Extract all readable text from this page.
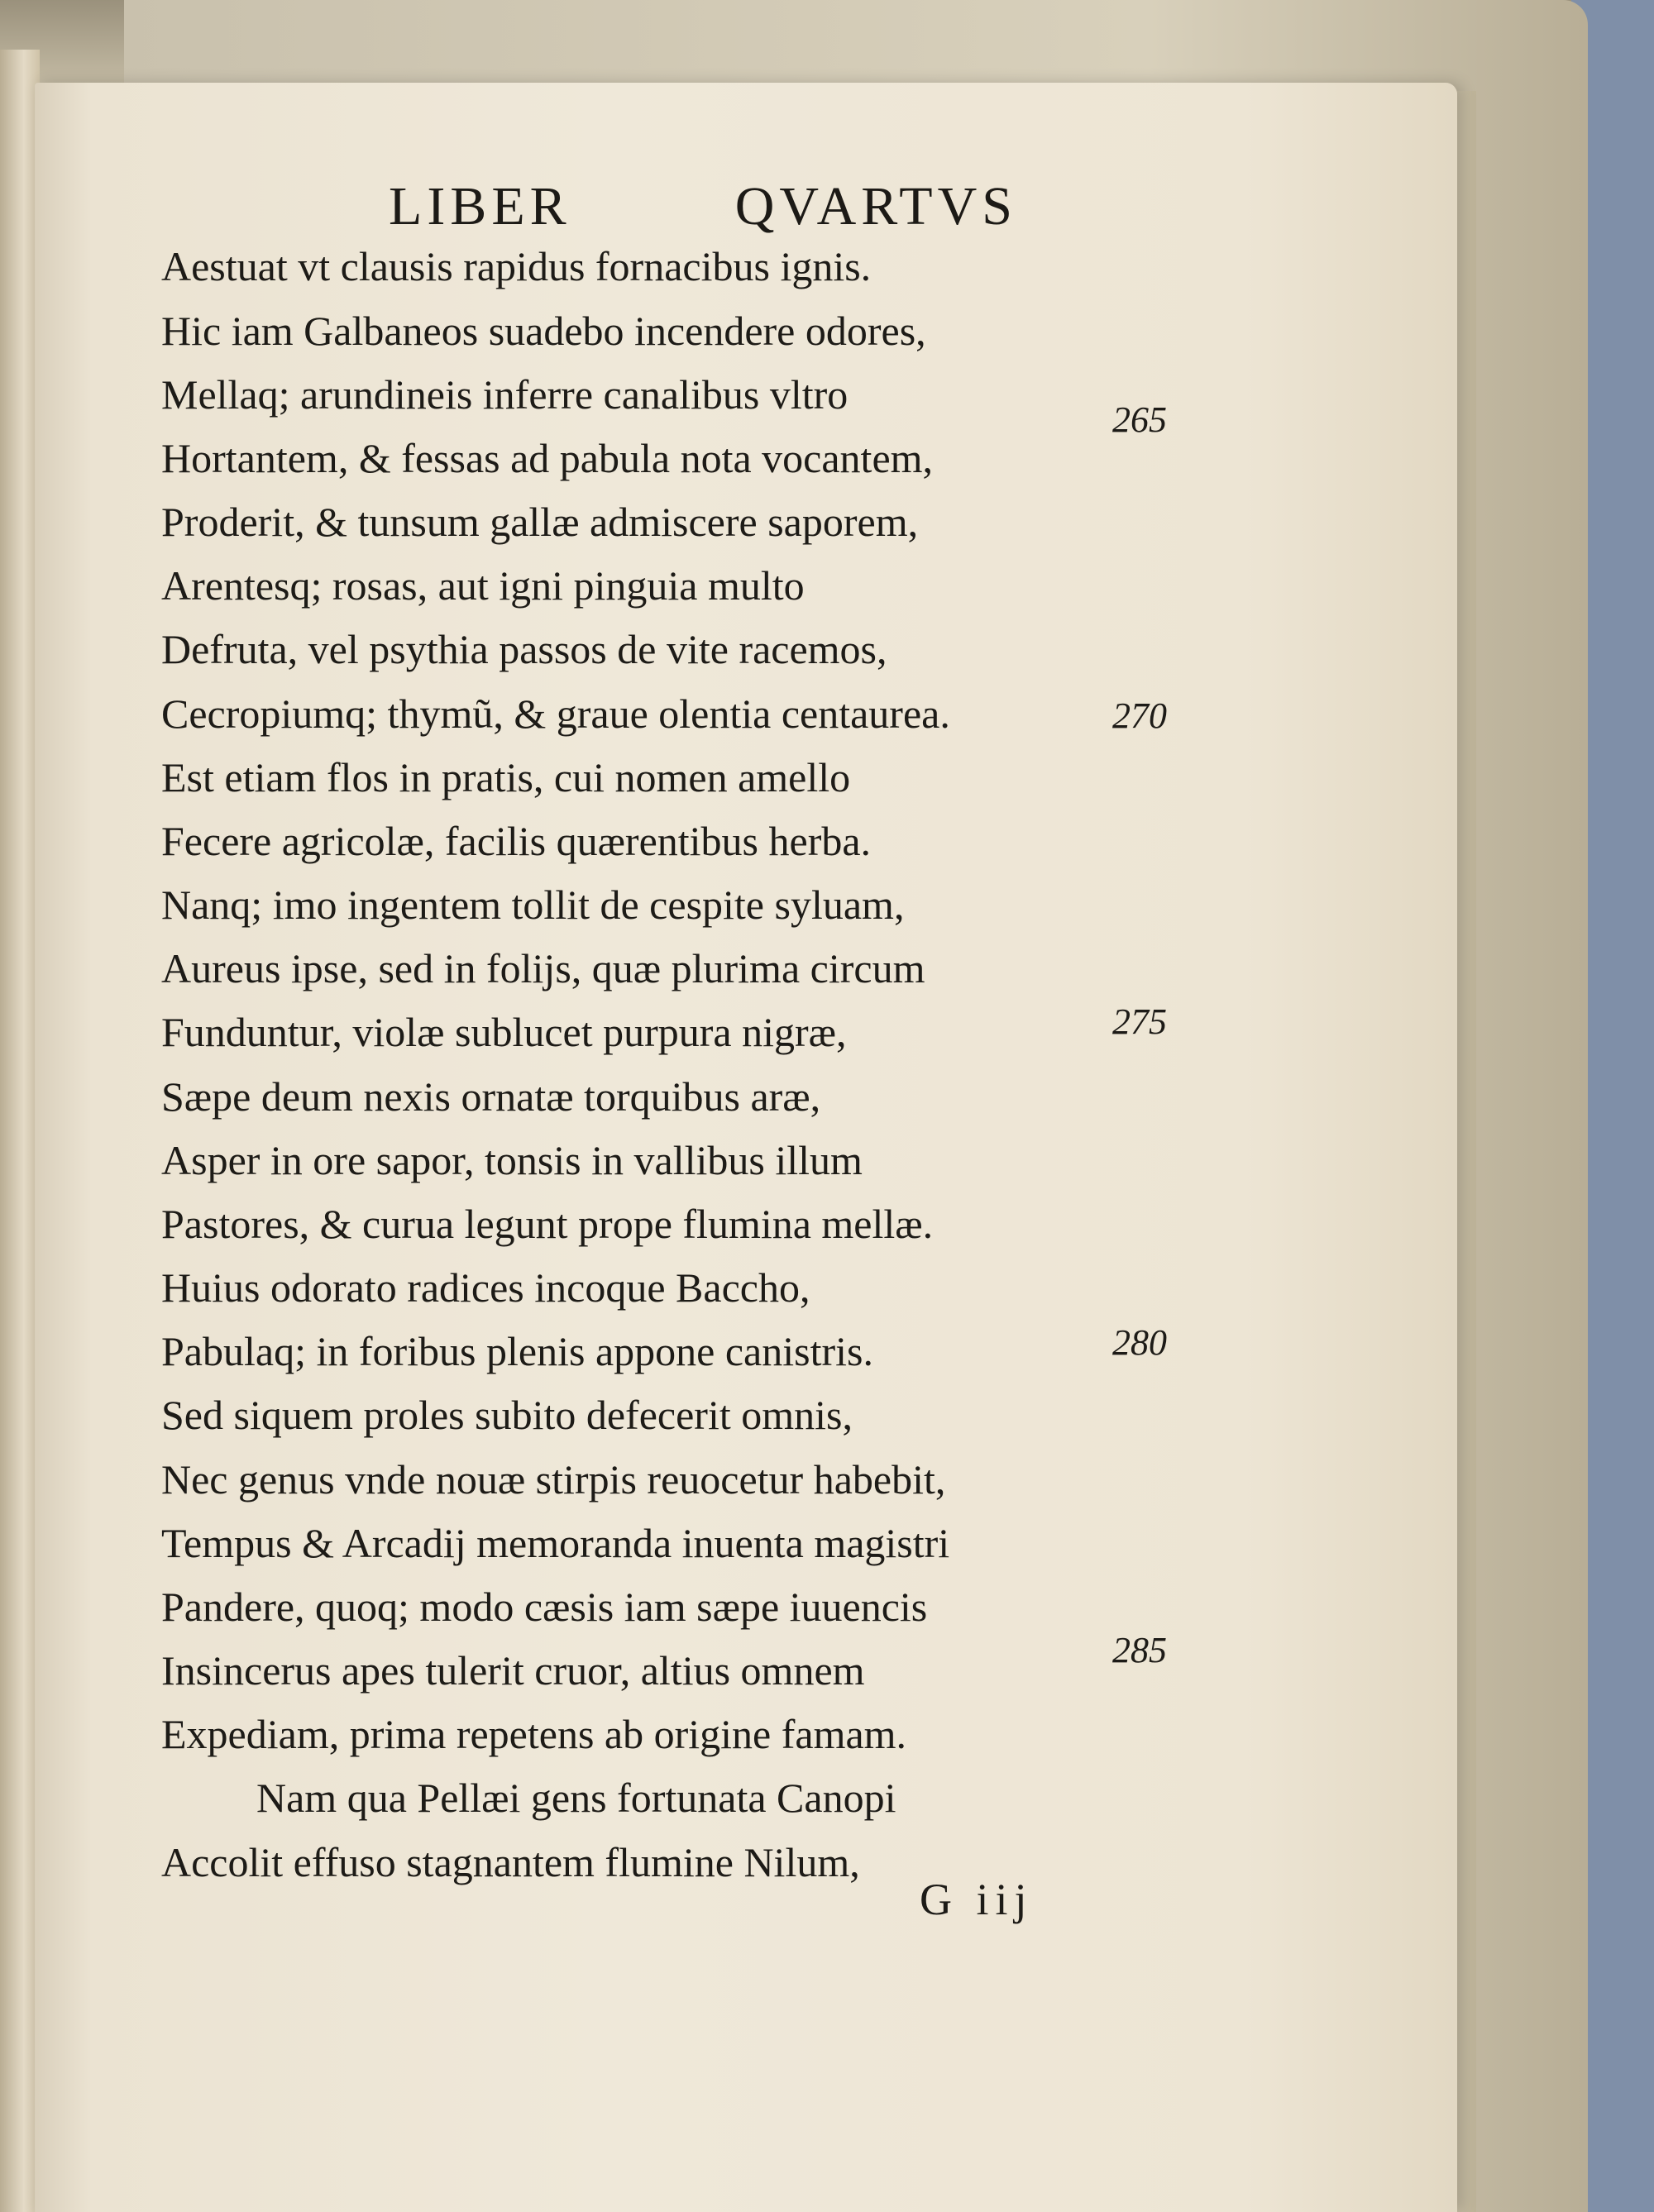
LIBER	QVARTVS
Aestuat vt clausis rapidus fornacibus ignis.
Hic iam Galbaneos suadebo incendere odores,
Mellaq; arundineis inferre canalibus vltro
Hortantem, & fessas ad pabula nota vocantem,
Proderit, & tunsum gallæ admiscere saporem,
Arentesq; rosas, aut igni pinguia multo
Defruta, vel psythia passos de vite racemos,
Cecropiumq; thymũ, & graue olentia centaurea.
Est etiam flos in pratis, cui nomen amello
Fecere agricolæ, facilis quærentibus herba.
Nanq; imo ingentem tollit de cespite syluam,
Aureus ipse, sed in folijs, quæ plurima circum
Funduntur, violæ sublucet purpura nigræ,
Sæpe deum nexis ornatæ torquibus aræ,
Asper in ore sapor, tonsis in vallibus illum
Pastores, & curua legunt prope flumina mellæ.
Huius odorato radices incoque Baccho,
Pabulaq; in foribus plenis appone canistris.
Sed siquem proles subito defecerit omnis,
Nec genus vnde nouæ stirpis reuocetur habebit,
Tempus & Arcadij memoranda inuenta magistri
Pandere, quoq; modo cæsis iam sæpe iuuencis
Insincerus apes tulerit cruor, altius omnem
Expediam, prima repetens ab origine famam.
Nam qua Pellæi gens fortunata Canopi
Accolit effuso stagnantem flumine Nilum,
265
270
275
280
285
G iij
